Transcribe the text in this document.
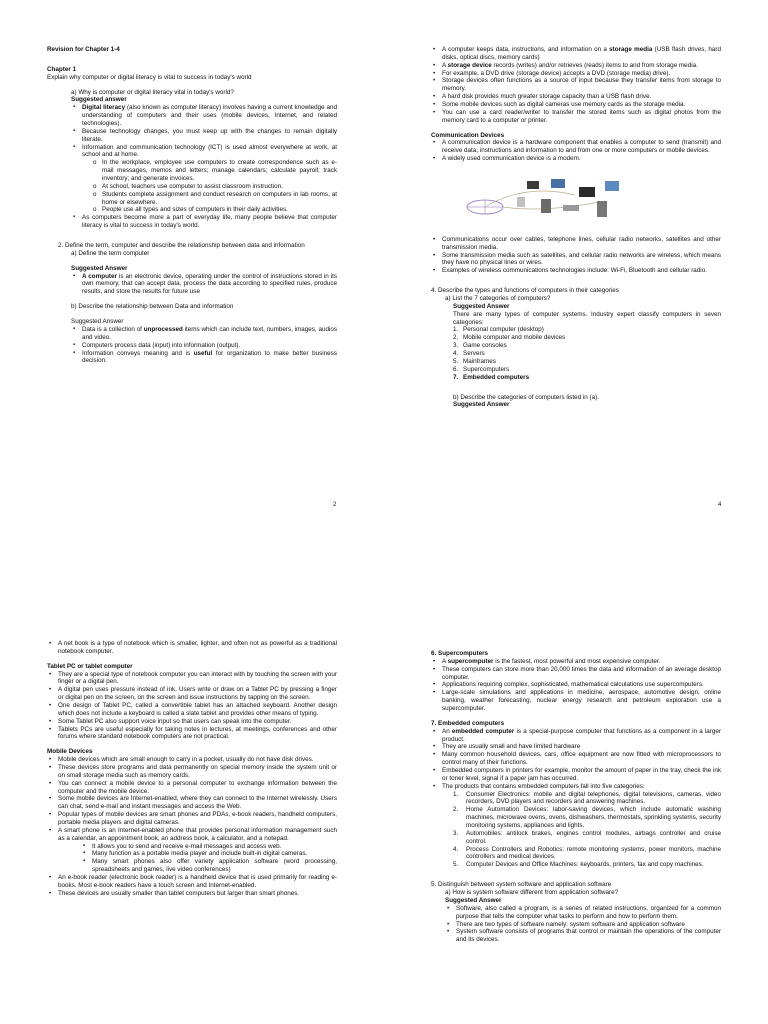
Revision for Chapter 1-4

Chapter 1

Explain why computer or digital literacy is vital to success in today's world

a) Why is computer or digital literacy vital in today's world?

Suggested answer

▪ Digital literacy (also known as computer literacy) involves having a current knowledge and understanding of computers and their uses (mobile devices, Internet, and related technologies).
▪ Because technology changes, you must keep up with the changes to remain digitally literate.
▪ Information and communication technology (ICT) is used almost everywhere at work, at school and at home.
o In the workplace, employee use computers to create correspondence such as e-mail messages, memos and letters; manage calendars; calculate payroll; track inventory; and generate invoices.
o At school, teachers use computer to assist classroom instruction.
o Students complete assignment and conduct research on computers in lab rooms, at home or elsewhere.
o People use all types and sizes of computers in their daily activities.
▪ As computers become more a part of everyday life, many people believe that computer literacy is vital to success in today's world.

2. Define the term, computer and describe the relationship between data and information

a) Define the term computer

Suggested Answer

▪ A computer is an electronic device, operating under the control of instructions stored in its own memory, that can accept data, process the data according to specified rules, produce results, and store the results for future use

b) Describe the relationship between Data and information

Suggested Answer

▪ Data is a collection of unprocessed items which can include text, numbers, images, audios and video.
▪ Computers process data (input) into information (output).
▪ Information conveys meaning and is useful for organization to make better business decision.
2
• A computer keeps data, instructions, and information on a storage media (USB flash drives, hard disks, optical discs, memory cards)
• A storage device records (writes) and/or retrieves (reads) items to and from storage media.
• For example, a DVD drive (storage device) accepts a DVD (storage media) drive).
• Storage devices often functions as a source of input because they transfer items from storage to memory.
• A hard disk provides much greater storage capacity than a USB flash drive.
• Some mobile devices such as digital cameras use memory cards as the storage media.
• You can use a card reader/writer to transfer the stored items such as digital photos from the memory card to a computer or printer.

Communication Devices

• A communication device is a hardware component that enables a computer to send (transmit) and receive data, instructions and information to and from one or more computers or mobile devices.
• A widely used communication device is a modem.
• Communications occur over cables, telephone lines, cellular radio networks, satellites and other transmission media.
• Some transmission media such as satellites, and cellular radio networks are wireless, which means they have no physical lines or wires.
• Examples of wireless communications technologies include: Wi-Fi, Bluetooth and cellular radio.

4. Describe the types and functions of computers in their categories

a) List the 7 categories of computers?

Suggested Answer

There are many types of computer systems. Industry expert classify computers in seven categories:

1. Personal computer (desktop)
2. Mobile computer and mobile devices
3. Game consoles
4. Servers
5. Mainframes
6. Supercomputers
7. Embedded computers

b) Describe the categories of computers listed in (a).

Suggested Answer

4
• A net book is a type of notebook which is smaller, lighter, and often not as powerful as a traditional notebook computer.

Tablet PC or tablet computer

• They are a special type of notebook computer you can interact with by touching the screen with your finger or a digital pen.
• A digital pen uses pressure instead of ink. Users write or draw on a Tablet PC by pressing a finger or digital pen on the screen, on the screen and issue instructions by tapping on the screen.
• One design of Tablet PC, called a convertible tablet has an attached keyboard. Another design which does not include a keyboard is called a slate tablet and provides other means of typing.
• Some Tablet PC also support voice input so that users can speak into the computer.
• Tablets PCs are useful especially for taking notes in lectures, at meetings, conferences and other forums where standard notebook computers are not practical.

Mobile Devices

• Mobile devices which are small enough to carry in a pocket, usually do not have disk drives.
• These devices store programs and data permanently on special memory inside the system unit or on small storage media such as memory cards.
• You can connect a mobile device to a personal computer to exchange information between the computer and the mobile device.
• Some mobile devices are Internet-enabled, where they can connect to the Internet wirelessly. Users can chat, send e-mail and instant messages and access the Web.
• Popular types of mobile devices are smart phones and PDAs, e-book readers, handheld computers, portable media players and digital cameras.
• A smart phone is an Internet-enabled phone that provides personal information management such as a calendar, an appointment book, an address book, a calculator, and a notepad.
▪ It allows you to send and receive e-mail messages and access web.
▪ Many function as a portable media player and include built-in digital cameras.
▪ Many smart phones also offer variety application software (word processing, spreadsheets and games, live video conferences)
• An e-book reader (electronic book reader) is a handheld device that is used primarily for reading e-books. Most e-book readers have a touch screen and Internet-enabled.
• These devices are usually smaller than tablet computers but larger than smart phones.

6. Supercomputers

• A supercomputer is the fastest, most powerful and most expensive computer.
• These computers can store more than 20,000 times the data and information of an average desktop computer.
• Applications requiring complex, sophisticated, mathematical calculations use supercomputers.
• Large-scale simulations and applications in medicine, aerospace, automotive design, online banking, weather forecasting, nuclear energy research and petroleum exploration use a supercomputer.

7. Embedded computers

• An embedded computer is a special-purpose computer that functions as a component in a larger product.
• They are usually small and have limited hardware
• Many common household devices, cars, office equipment are now fitted with microprocessors to control many of their functions.
• Embedded computers in printers for example, monitor the amount of paper in the tray, check the ink or toner level, signal if a paper jam has occurred.
• The products that contains embedded computers fall into five categories:
1. Consumer Electronics: mobile and digital telephones, digital televisions, cameras, video recorders, DVD players and recorders and answering machines.
2. Home Automation Devices: labor-saving devices, which include automatic washing machines, microwave ovens, ovens, dishwashers, thermostats, sprinkling systems, security monitoring systems, appliances and lights.
3. Automobiles: antilock brakes, engines control modules, airbags controller and cruise control.
4. Process Controllers and Robotics: remote monitoring systems, power monitors, machine controllers and medical devices.
5. Computer Devices and Office Machines: keyboards, printers, fax and copy machines.

5. Distinguish between system software and application software

a) How is system software different from application software?

Suggested Answer

• Software, also called a program, is a series of related instructions, organized for a common purpose that tells the computer what tasks to perform and how to perform them.
• There are two types of software namely: system software and application software
• System software consists of programs that control or maintain the operations of the computer and its devices.
